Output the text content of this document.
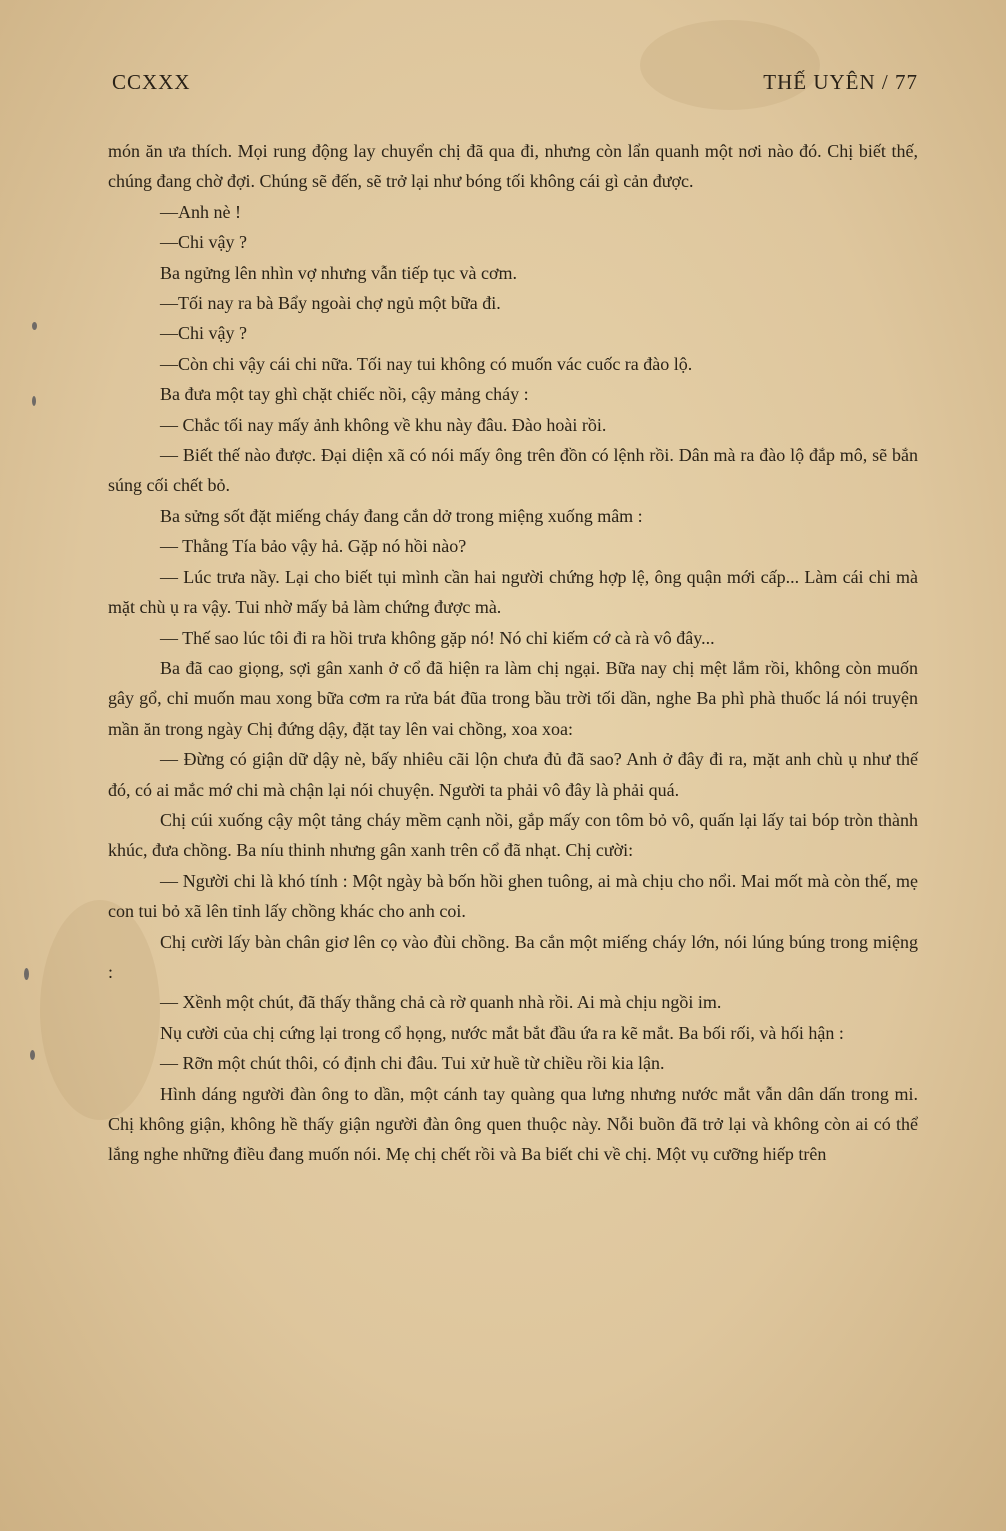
CCXXX	THẾ UYÊN / 77

món ăn ưa thích. Mọi rung động lay chuyển chị đã qua đi, nhưng còn lẩn quanh một nơi nào đó. Chị biết thế, chúng đang chờ đợi. Chúng sẽ đến, sẽ trở lại như bóng tối không cái gì cản được.

—Anh nè !

—Chi vậy ?

Ba ngửng lên nhìn vợ nhưng vẫn tiếp tục và cơm.

—Tối nay ra bà Bẩy ngoài chợ ngủ một bữa đi.

—Chi vậy ?

—Còn chi vậy cái chi nữa. Tối nay tui không có muốn vác cuốc ra đào lộ.

Ba đưa một tay ghì chặt chiếc nồi, cậy mảng cháy :

— Chắc tối nay mấy ảnh không về khu này đâu. Đào hoài rồi.

— Biết thế nào được. Đại diện xã có nói mấy ông trên đồn có lệnh rồi. Dân mà ra đào lộ đắp mô, sẽ bắn súng cối chết bỏ.

Ba sửng sốt đặt miếng cháy đang cắn dở trong miệng xuống mâm :

— Thằng Tía bảo vậy hả. Gặp nó hồi nào?

— Lúc trưa nầy. Lại cho biết tụi mình cần hai người chứng hợp lệ, ông quận mới cấp... Làm cái chi mà mặt chù ụ ra vậy. Tui nhờ mấy bả làm chứng được mà.

— Thế sao lúc tôi đi ra hồi trưa không gặp nó! Nó chỉ kiếm cớ cà rà vô đây...

Ba đã cao giọng, sợi gân xanh ở cổ đã hiện ra làm chị ngại. Bữa nay chị mệt lắm rồi, không còn muốn gây gổ, chỉ muốn mau xong bữa cơm ra rửa bát đũa trong bầu trời tối dần, nghe Ba phì phà thuốc lá nói truyện mần ăn trong ngày Chị đứng dậy, đặt tay lên vai chồng, xoa xoa:

— Đừng có giận dữ dậy nè, bấy nhiêu cãi lộn chưa đủ đã sao? Anh ở đây đi ra, mặt anh chù ụ như thế đó, có ai mắc mớ chi mà chận lại nói chuyện. Người ta phải vô đây là phải quá.

Chị cúi xuống cậy một tảng cháy mềm cạnh nồi, gắp mấy con tôm bỏ vô, quấn lại lấy tai bóp tròn thành khúc, đưa chồng. Ba níu thinh nhưng gân xanh trên cổ đã nhạt. Chị cười:

— Người chi là khó tính : Một ngày bà bốn hồi ghen tuông, ai mà chịu cho nổi. Mai mốt mà còn thế, mẹ con tui bỏ xã lên tỉnh lấy chồng khác cho anh coi.

Chị cười lấy bàn chân giơ lên cọ vào đùi chồng. Ba cắn một miếng cháy lớn, nói lúng búng trong miệng :

— Xềnh một chút, đã thấy thằng chả cà rờ quanh nhà rồi. Ai mà chịu ngồi im.

Nụ cười của chị cứng lại trong cổ họng, nước mắt bắt đầu ứa ra kẽ mắt. Ba bối rối, và hối hận :

— Rỡn một chút thôi, có định chi đâu. Tui xử huề từ chiều rồi kia lận.

Hình dáng người đàn ông to dần, một cánh tay quàng qua lưng nhưng nước mắt vẫn dân dấn trong mi. Chị không giận, không hề thấy giận người đàn ông quen thuộc này. Nỗi buồn đã trở lại và không còn ai có thể lắng nghe những điều đang muốn nói. Mẹ chị chết rồi và Ba biết chi về chị. Một vụ cưỡng hiếp trên
